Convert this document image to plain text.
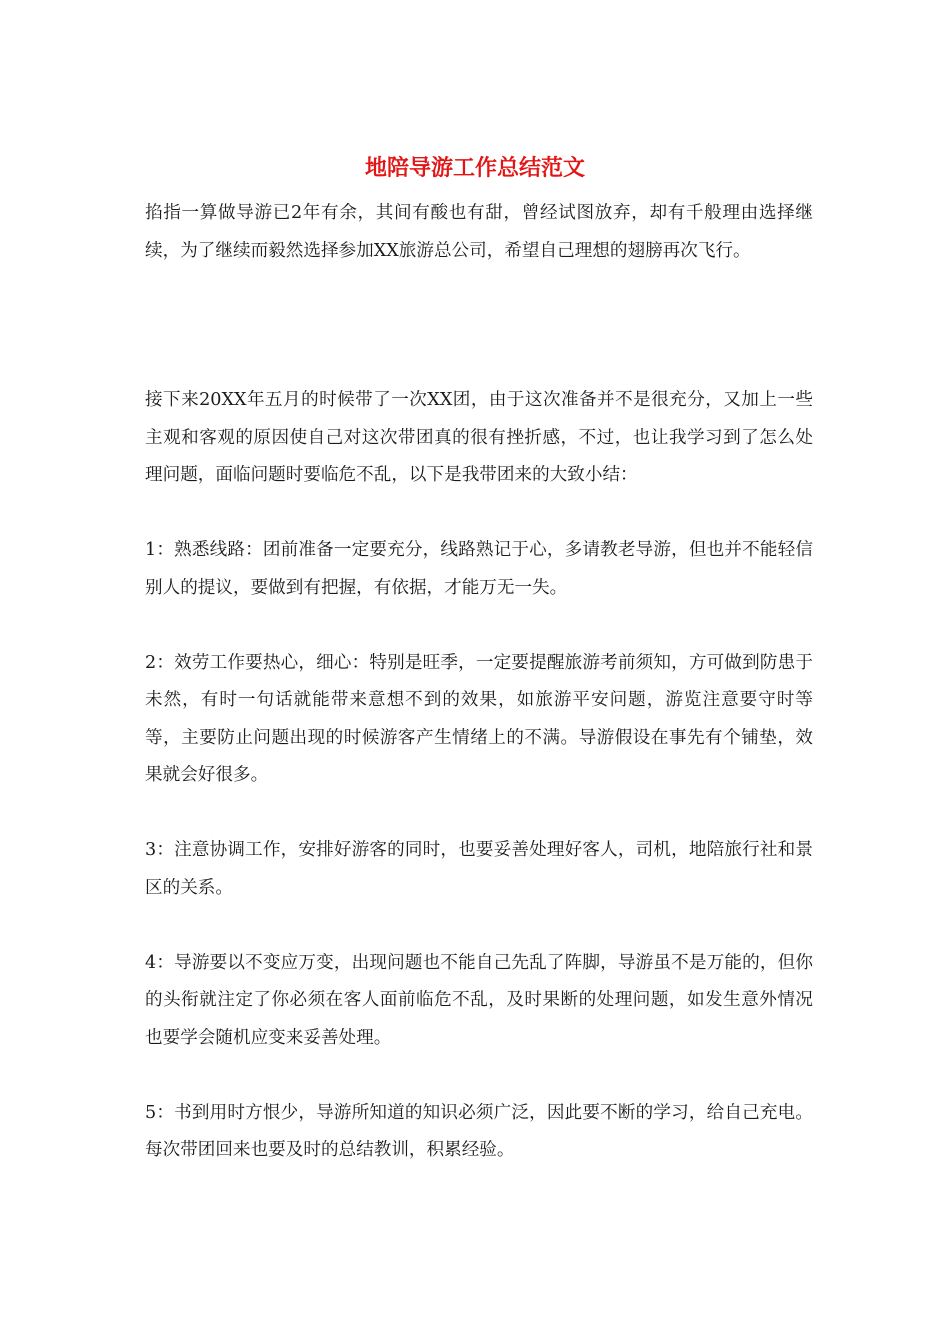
地陪导游工作总结范文

掐指一算做导游已2年有余，其间有酸也有甜，曾经试图放弃，却有千般理由选择继续，为了继续而毅然选择参加XX旅游总公司，希望自己理想的翅膀再次飞行。

接下来20XX年五月的时候带了一次XX团，由于这次准备并不是很充分，又加上一些主观和客观的原因使自己对这次带团真的很有挫折感，不过，也让我学习到了怎么处理问题，面临问题时要临危不乱，以下是我带团来的大致小结：

1：熟悉线路：团前准备一定要充分，线路熟记于心，多请教老导游，但也并不能轻信别人的提议，要做到有把握，有依据，才能万无一失。

2：效劳工作要热心，细心：特别是旺季，一定要提醒旅游考前须知，方可做到防患于未然，有时一句话就能带来意想不到的效果，如旅游平安问题，游览注意要守时等等，主要防止问题出现的时候游客产生情绪上的不满。导游假设在事先有个铺垫，效果就会好很多。

3：注意协调工作，安排好游客的同时，也要妥善处理好客人，司机，地陪旅行社和景区的关系。

4：导游要以不变应万变，出现问题也不能自己先乱了阵脚，导游虽不是万能的，但你的头衔就注定了你必须在客人面前临危不乱，及时果断的处理问题，如发生意外情况也要学会随机应变来妥善处理。

5：书到用时方恨少，导游所知道的知识必须广泛，因此要不断的学习，给自己充电。每次带团回来也要及时的总结教训，积累经验。
